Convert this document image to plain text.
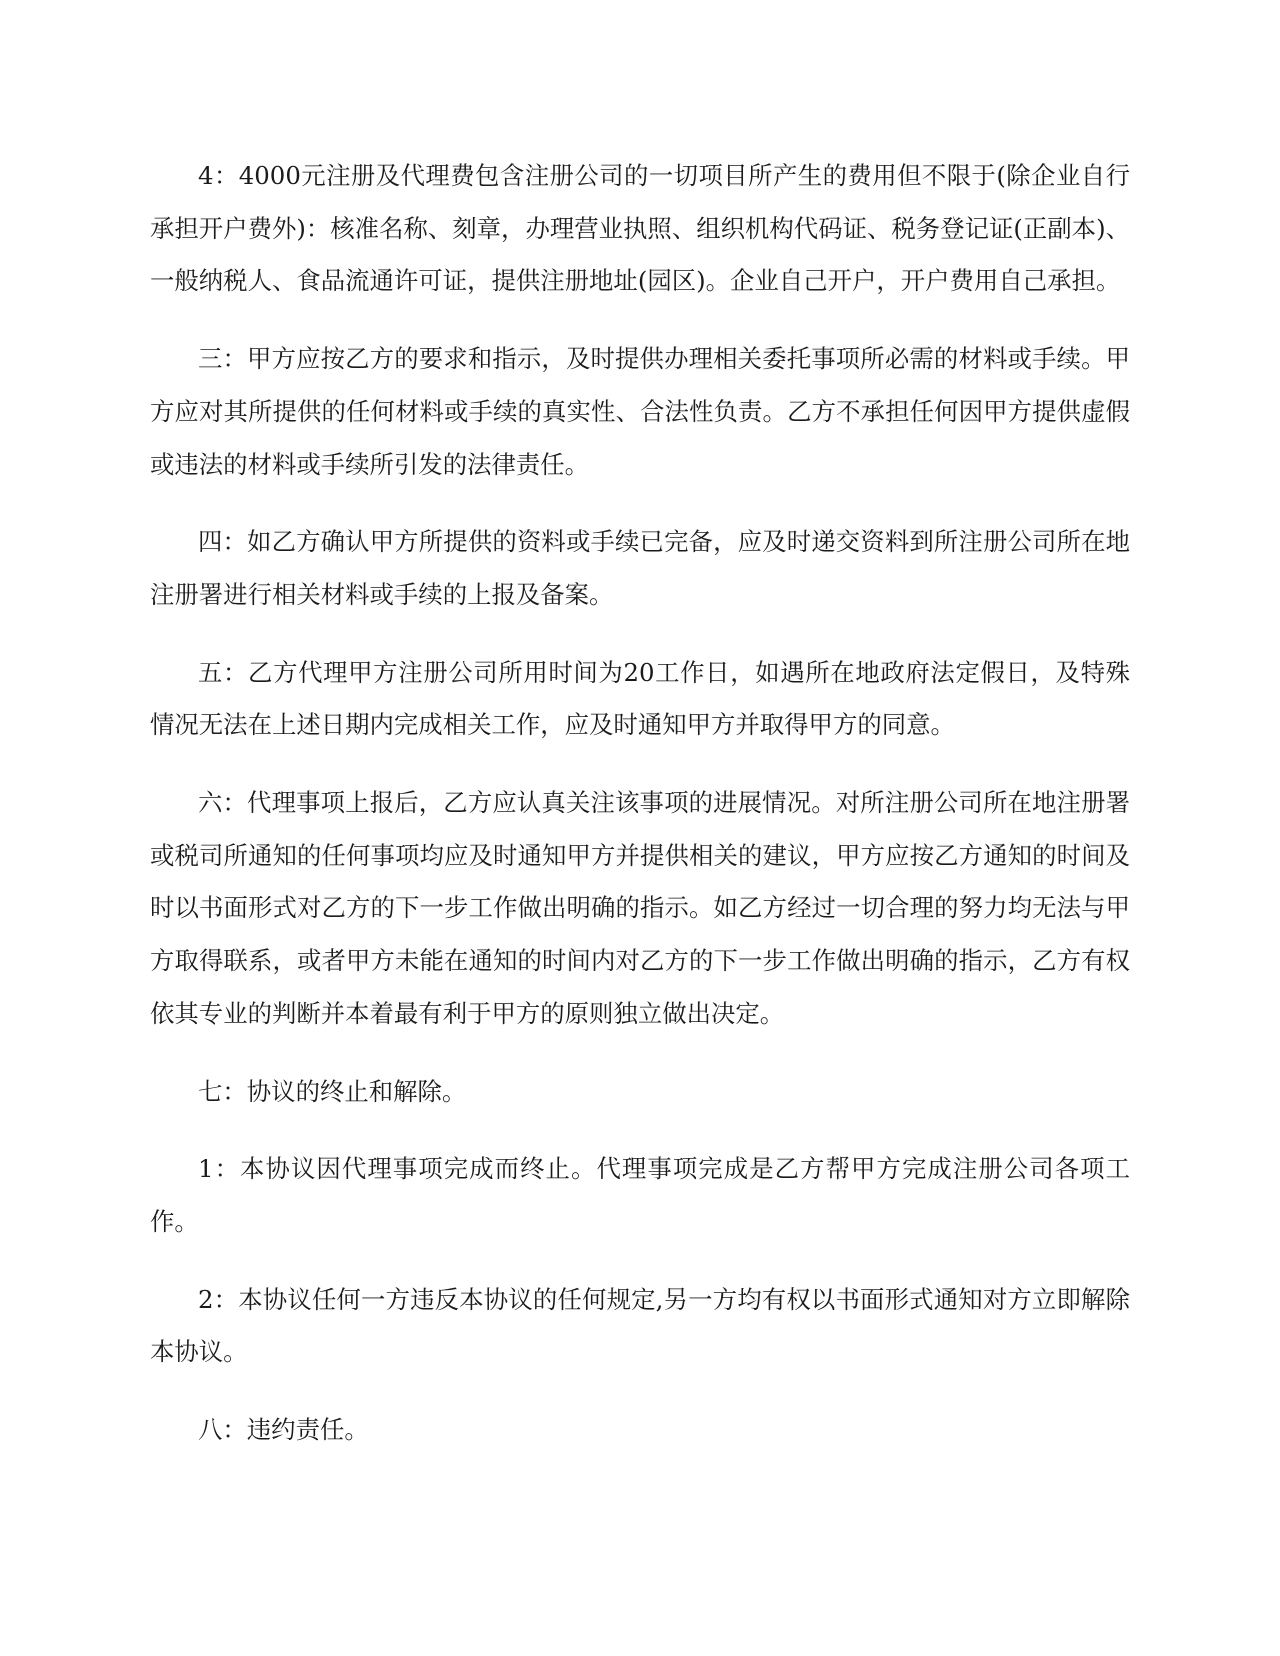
4：4000元注册及代理费包含注册公司的一切项目所产生的费用但不限于(除企业自行承担开户费外)：核准名称、刻章，办理营业执照、组织机构代码证、税务登记证(正副本)、一般纳税人、食品流通许可证，提供注册地址(园区)。企业自己开户，开户费用自己承担。

三：甲方应按乙方的要求和指示，及时提供办理相关委托事项所必需的材料或手续。甲方应对其所提供的任何材料或手续的真实性、合法性负责。乙方不承担任何因甲方提供虚假或违法的材料或手续所引发的法律责任。

四：如乙方确认甲方所提供的资料或手续已完备，应及时递交资料到所注册公司所在地注册署进行相关材料或手续的上报及备案。

五：乙方代理甲方注册公司所用时间为20工作日，如遇所在地政府法定假日，及特殊情况无法在上述日期内完成相关工作，应及时通知甲方并取得甲方的同意。

六：代理事项上报后，乙方应认真关注该事项的进展情况。对所注册公司所在地注册署或税司所通知的任何事项均应及时通知甲方并提供相关的建议，甲方应按乙方通知的时间及时以书面形式对乙方的下一步工作做出明确的指示。如乙方经过一切合理的努力均无法与甲方取得联系，或者甲方未能在通知的时间内对乙方的下一步工作做出明确的指示，乙方有权依其专业的判断并本着最有利于甲方的原则独立做出决定。

七：协议的终止和解除。

1：本协议因代理事项完成而终止。代理事项完成是乙方帮甲方完成注册公司各项工作。

2：本协议任何一方违反本协议的任何规定,另一方均有权以书面形式通知对方立即解除本协议。

八：违约责任。
